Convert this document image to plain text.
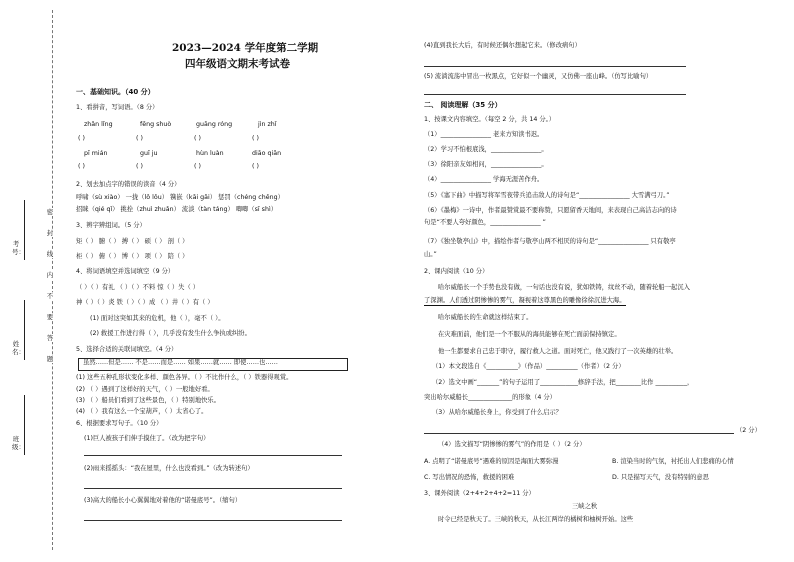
考号：
姓名：
班级：
密
封
线
内
不
要
答
题
2023—2024 学年度第二学期
四年级语文期末考试卷
一、基础知识。（40 分）
1、看拼音，写词语。（8 分）
zhǎn lǐng	fēng shuò	guāng róng	jìn zhǐ
( )	( )	( )	( )
pī mián	guī ju	hùn luàn	diāo qiān
( )	( )	( )	( )
2、划去加点字的错误的读音（4 分）
呼啸（sù xiào） 一拢（lǒ lǒu） 镌嵌（kāi gāi） 惩罚（chéng chěng）
招睐（qié qǐ） 挑拴（zhuì zhuǎn） 流淡（tàn táng） 唧唧（sī shì）
3、辨字辨组词。（5 分）
矩（ ） 腑（ ） 搏（ ） 硕（ ） 剖（ ）
柜（ ） 俯（ ） 博（ ） 项（ ） 陪（ ）
4、将词语填空并选词填空（9 分）
（ ）（ ）有礼 （ ）（ ）不料 惊（ ）失（ ）
神（ ）（ ）炎 铁（ ）（ ）成 （ ）井（ ）有（ ）
(1) 面对这突如其来的危机，他（ ），毫不（ ）。
(2) 救援工作进行得（ ），几乎没有发生什么争执或纠纷。
5、选择合适的关联词填空。（4 分）
虽然……但是…… 不是……而是…… 如果……就…… 即使……也……
(1) 这些五种孔形状变化多样、颜色各异。（ ）不比作什么，（ ）铁器得观赏。
(2) （ ）遇到了这样好的天气，（ ）一般地好看。
(3) （ ）船员们看到了这些景色，（ ）特别地快乐。
(4) （ ）我有这么一个宝葫芦，（ ）太省心了。
6、根据要求写句子。（10 分）
(1)巨人被孩子们伸手摸住了。（改为把字句）
(2)雨来摇摇头：“我在屋里，什么也没看到。”（改为转述句）
(3)高大的船长小心翼翼地对着他的“诺曼底号”。（缩句）
(4)直到我长大后，有时候还偶尔想起它来。（修改病句）
(5) 流淌流荡中冒出一枚黑点，它好似一个幽灵，又仿佛一座山峰。（仿写比喻句）
二、 阅读理解（35 分）
1、按课文内容填空。（每空 2 分，共 14 分。）
（1）________________ 老来方知读书迟。
（2）学习不怕根底浅，________________。
（3）徐阳亲友如相问，________________。
（4）________________ 学海无涯苦作舟。
（5）《塞下曲》中描写将军雪夜带兵追击敌人的诗句是“________________ 大雪满弓刀。”
（6）《墨梅》一诗中，作者最赞赏最不要称赞，只愿留香天地间，来表现自己高洁志向的诗
句是“不要人夸好颜色，________________ ”
（7）《独坐敬亭山》中，描绘作者与敬亭山两不相厌的诗句是“________________ 只有敬亭
山。”
2、课内阅读（10 分）
哈尔威船长一个手势也没有做，一句话也没有说，犹如铁铸，纹丝不动，随着轮船一起沉入
了深渊。人们透过阴惨惨的雾气，凝视着这尊黑色的雕像徐徐沉进大海。
哈尔威船长的生命就这样结束了。
在灾难面前，他们是一个不服从的海员能够在死亡面前保持镇定。
他一生都要求自己忠于职守，履行救人之道。面对死亡，他又践行了一次英雄的壮举。
（1）本文段选自《__________》（作品）__________（作者）（2 分）
（2）选文中画“_______”的句子运用了____________修辞手法，把________比作 __________，
突出哈尔威船长______________的形象（4 分）
（3）从哈尔威船长身上，你受到了什么启示？
（2 分）
（4）选文描写“阴惨惨的雾气”的作用是（ ）（2 分）
A. 点明了“诺曼底号”遇难的原因是海面大雾弥漫	B. 渲染当时的气氛，衬托出人们悲痛的心情
C. 写出情况的恐怖，救援的困难	D. 只是描写天气，没有特别的意思
3、课外阅读（2+4+2+4+2=11 分）
三峡之秋
时令已经是秋天了。三峡的秋天，从长江两岸的橘树和柚树开始。这些
